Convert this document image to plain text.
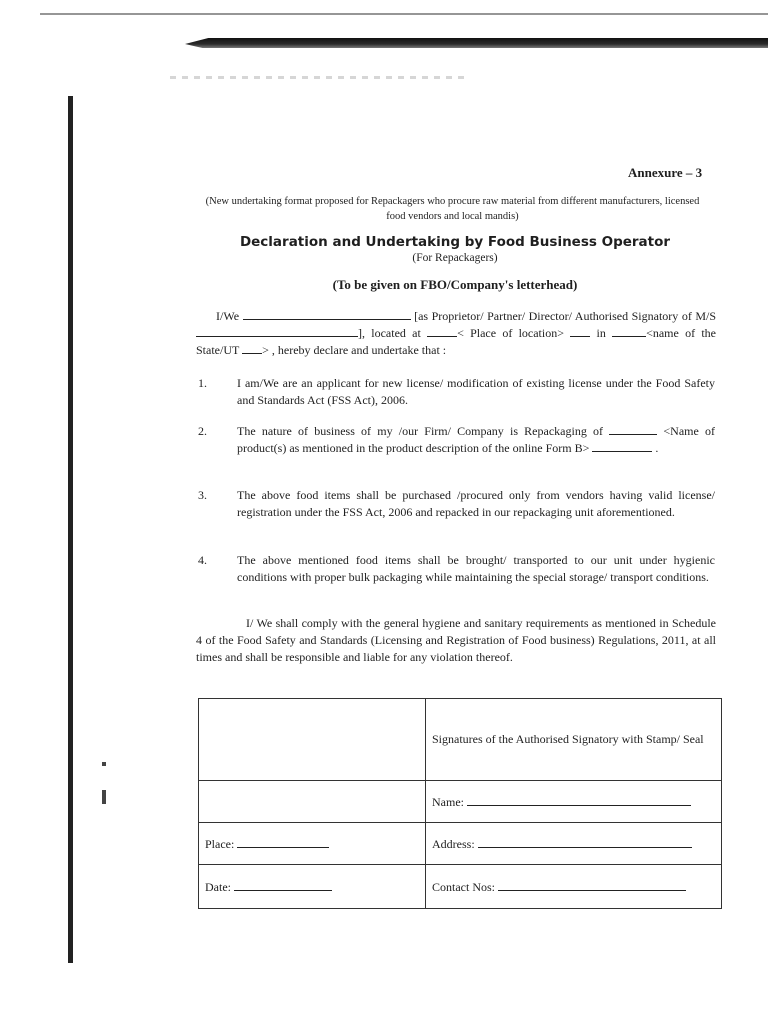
Annexure – 3
(New undertaking format proposed for Repackagers who procure raw material from different manufacturers, licensed food vendors and local mandis)
Declaration and Undertaking by Food Business Operator
(For Repackagers)
(To be given on FBO/Company's letterhead)
I/We	[as Proprietor/ Partner/ Director/ Authorised Signatory of M/S ], located at	< Place of location>	in	<name of the State/UT > , hereby declare and undertake that :
1.	I am/We are an applicant for new license/ modification of existing license under the Food Safety and Standards Act (FSS Act), 2006.
2.	The nature of business of my /our Firm/ Company is Repackaging of	<Name of product(s) as mentioned in the product description of the online Form B>	.
3.	The above food items shall be purchased /procured only from vendors having valid license/ registration under the FSS Act, 2006 and repacked in our repackaging unit aforementioned.
4.	The above mentioned food items shall be brought/ transported to our unit under hygienic conditions with proper bulk packaging while maintaining the special storage/ transport conditions.
I/ We shall comply with the general hygiene and sanitary requirements as mentioned in Schedule 4 of the Food Safety and Standards (Licensing and Registration of Food business) Regulations, 2011, at all times and shall be responsible and liable for any violation thereof.
	Signatures of the Authorised Signatory with Stamp/ Seal
	Name:
Place:	Address:
Date:	Contact Nos:
